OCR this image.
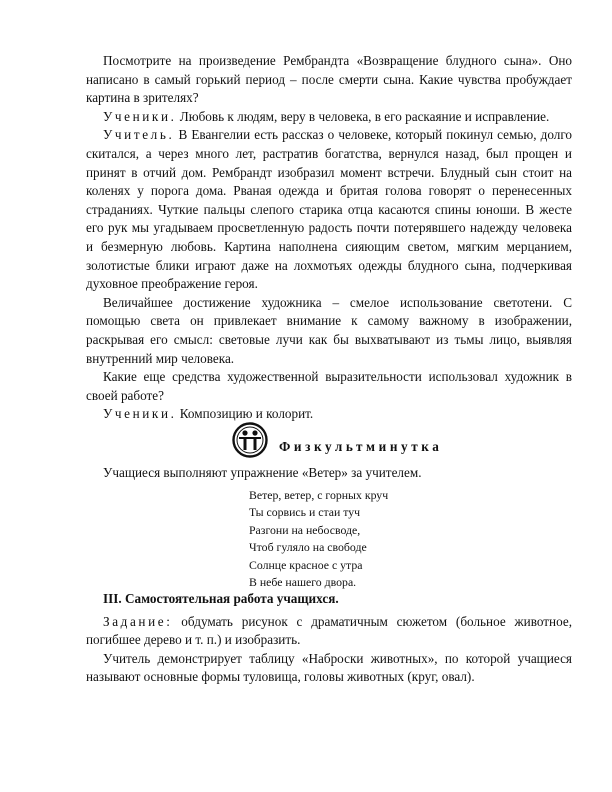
Посмотрите на произведение Рембрандта «Возвращение блудного сына». Оно написано в самый горький период – после смерти сына. Какие чувства пробуждает картина в зрителях?

Ученики. Любовь к людям, веру в человека, в его раскаяние и исправление.

Учитель. В Евангелии есть рассказ о человеке, который покинул семью, долго скитался, а через много лет, растратив богатства, вернулся назад, был прощен и принят в отчий дом. Рембрандт изобразил момент встречи. Блудный сын стоит на коленях у порога дома. Рваная одежда и бритая голова говорят о перенесенных страданиях. Чуткие пальцы слепого старика отца касаются спины юноши. В жесте его рук мы угадываем просветленную радость почти потерявшего надежду человека и безмерную любовь. Картина наполнена сияющим светом, мягким мерцанием, золотистые блики играют даже на лохмотьях одежды блудного сына, подчеркивая духовное преображение героя.

Величайшее достижение художника – смелое использование светотени. С помощью света он привлекает внимание к самому важному в изображении, раскрывая его смысл: световые лучи как бы выхватывают из тьмы лицо, выявляя внутренний мир человека.

Какие еще средства художественной выразительности использовал художник в своей работе?

Ученики. Композицию и колорит.

Физкультминутка

Учащиеся выполняют упражнение «Ветер» за учителем.

Ветер, ветер, с горных круч
Ты сорвись и стаи туч
Разгони на небосводе,
Чтоб гуляло на свободе
Солнце красное с утра
В небе нашего двора.

III. Самостоятельная работа учащихся.

Задание: обдумать рисунок с драматичным сюжетом (больное животное, погибшее дерево и т. п.) и изобразить.

Учитель демонстрирует таблицу «Наброски животных», по которой учащиеся называют основные формы туловища, головы животных (круг, овал).
